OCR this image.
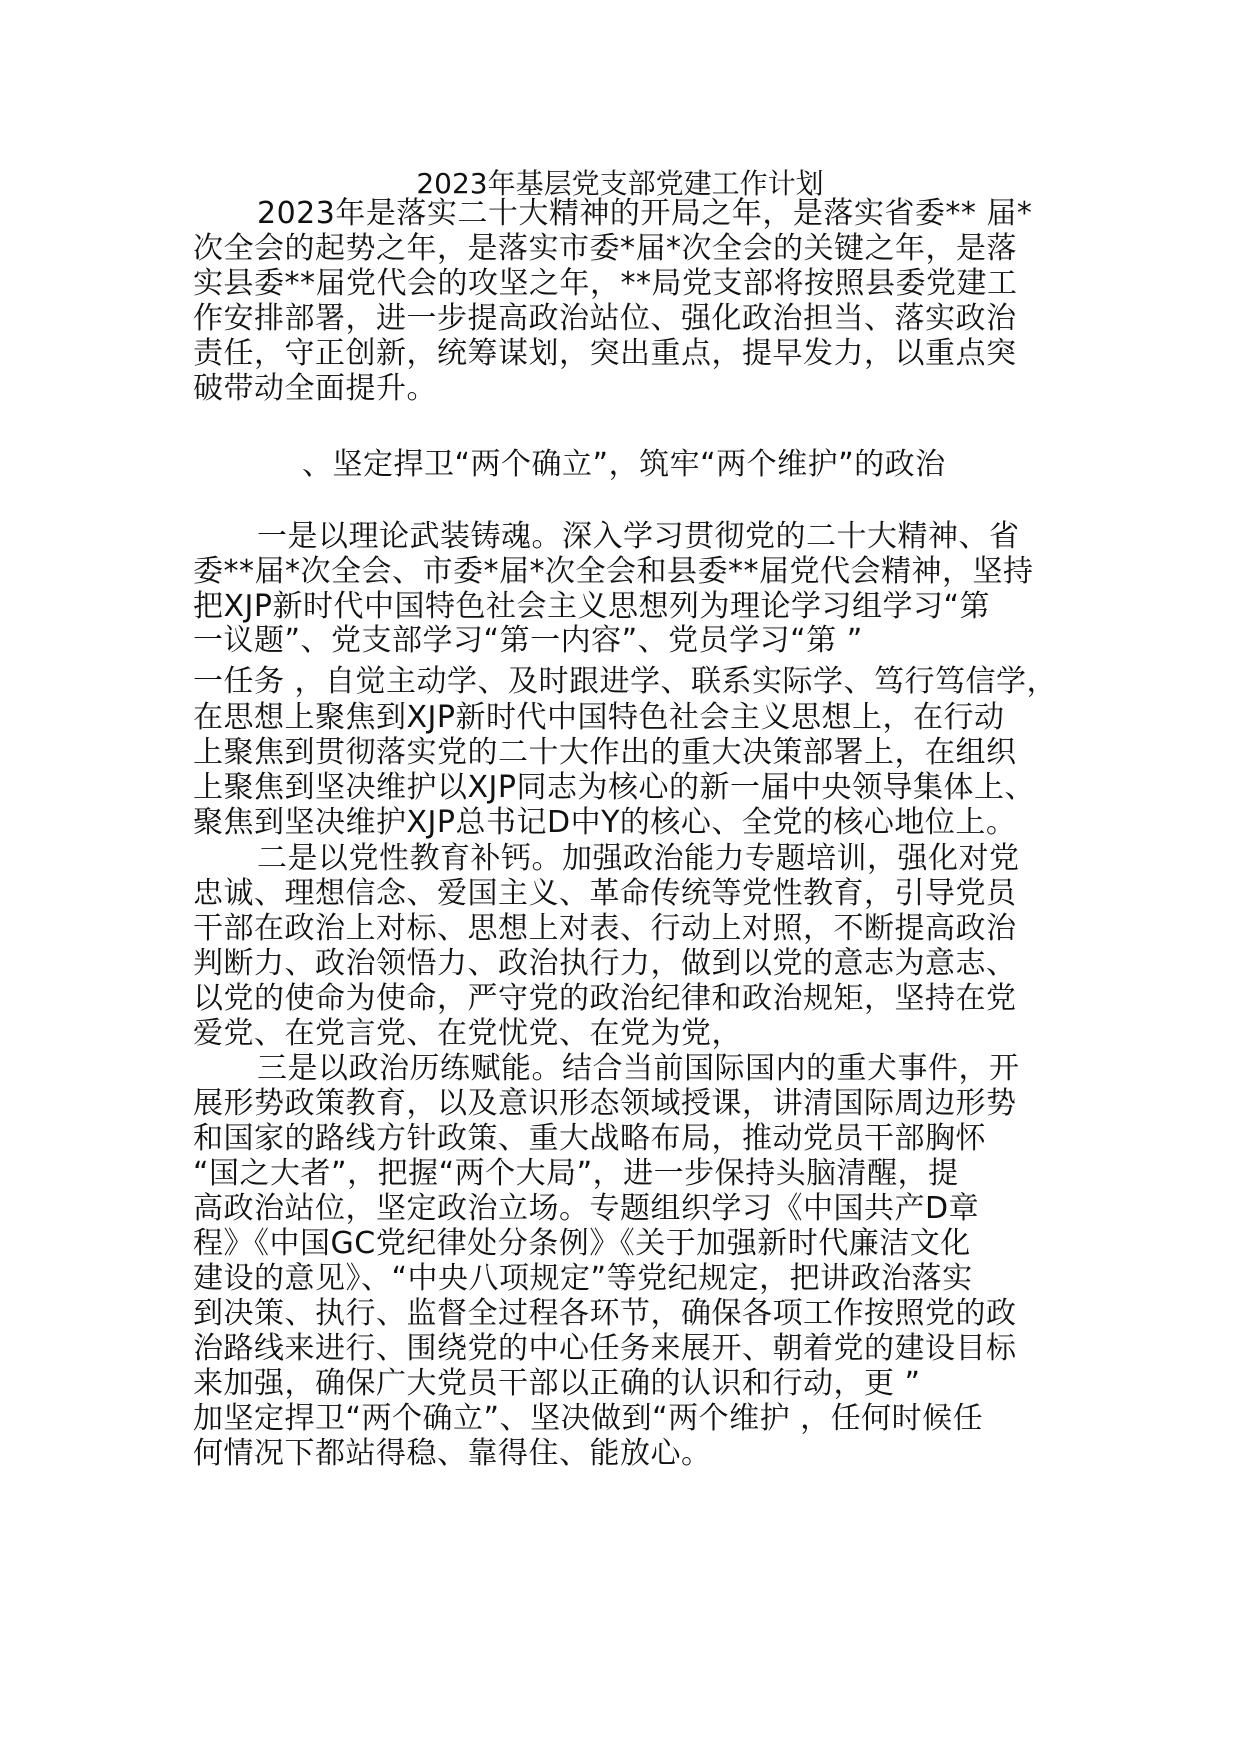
2023年基层党支部党建工作计划
2023年是落实二十大精神的开局之年，是落实省委** 届*
次全会的起势之年，是落实市委*届*次全会的关键之年，是落
实县委**届党代会的攻坚之年，**局党支部将按照县委党建工
作安排部署，进一步提高政治站位、强化政治担当、落实政治
责任，守正创新，统筹谋划，突出重点，提早发力，以重点突
破带动全面提升。
、坚定捍卫“两个确立”，筑牢“两个维护”的政治
一是以理论武装铸魂。深入学习贯彻党的二十大精神、省
委**届*次全会、市委*届*次全会和县委**届党代会精神，坚持
把XJP新时代中国特色社会主义思想列为理论学习组学习“第
一议题”、党支部学习“第一内容”、党员学习“第 ”
一任务 ，自觉主动学、及时跟进学、联系实际学、笃行笃信学，
在思想上聚焦到XJP新时代中国特色社会主义思想上，在行动
上聚焦到贯彻落实党的二十大作出的重大决策部署上，在组织
上聚焦到坚决维护以XJP同志为核心的新一届中央领导集体上、
聚焦到坚决维护XJP总书记D中Y的核心、全党的核心地位上。
二是以党性教育补钙。加强政治能力专题培训，强化对党
忠诚、理想信念、爱国主义、革命传统等党性教育，引导党员
干部在政治上对标、思想上对表、行动上对照，不断提高政治
判断力、政治领悟力、政治执行力，做到以党的意志为意志、
以党的使命为使命，严守党的政治纪律和政治规矩，坚持在党
爱党、在党言党、在党忧党、在党为党，
三是以政治历练赋能。结合当前国际国内的重犬事件，开
展形势政策教育，以及意识形态领域授课，讲清国际周边形势
和国家的路线方针政策、重大战略布局，推动党员干部胸怀
“国之大者”，把握“两个大局”，进一步保持头脑清醒，提
高政治站位，坚定政治立场。专题组织学习《中国共产D章
程》《中国GC党纪律处分条例》《关于加强新时代廉洁文化
建设的意见》、“中央八项规定”等党纪规定，把讲政治落实
到决策、执行、监督全过程各环节，确保各项工作按照党的政
治路线来进行、围绕党的中心任务来展开、朝着党的建设目标
来加强，确保广大党员干部以正确的认识和行动，更 ”
加坚定捍卫“两个确立”、坚决做到“两个维护 ，任何时候任
何情况下都站得稳、靠得住、能放心。
